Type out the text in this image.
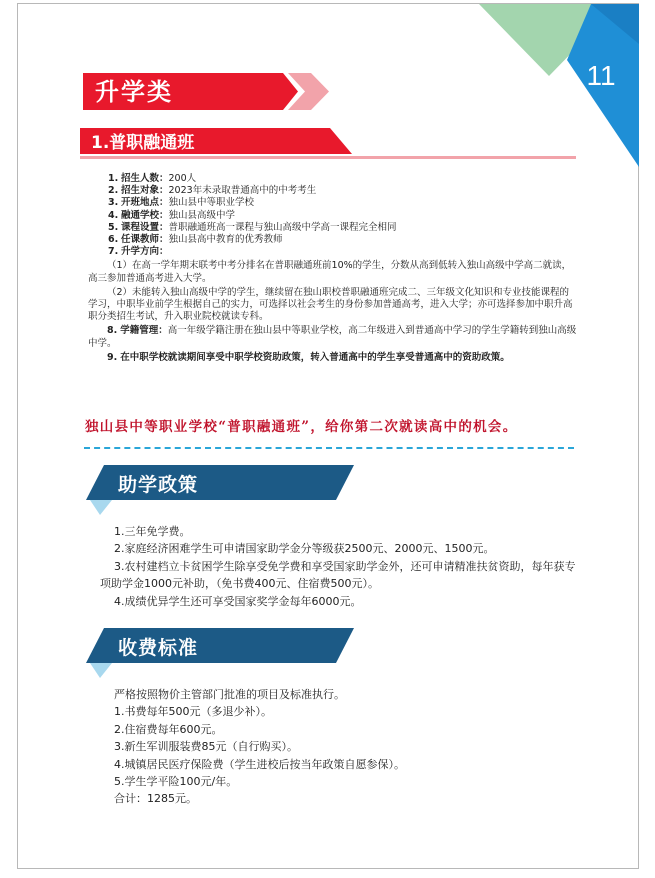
11
升学类
1.普职融通班
1. 招生人数： 200人
2. 招生对象： 2023年未录取普通高中的中考考生
3. 开班地点： 独山县中等职业学校
4. 融通学校： 独山县高级中学
5. 课程设置： 普职融通班高一课程与独山高级中学高一课程完全相同
6. 任课教师： 独山县高中教育的优秀教师
7. 升学方向：
（1）在高一学年期末联考中考分排名在普职融通班前10%的学生，分数从高到低转入独山高级中学高二就读，高三参加普通高考进入大学。
（2）未能转入独山高级中学的学生，继续留在独山职校普职融通班完成二、三年级文化知识和专业技能课程的学习，中职毕业前学生根据自己的实力，可选择以社会考生的身份参加普通高考，进入大学；亦可选择参加中职升高职分类招生考试，升入职业院校就读专科。
8. 学籍管理：高一年级学籍注册在独山县中等职业学校，高二年级进入到普通高中学习的学生学籍转到独山高级中学。
9. 在中职学校就读期间享受中职学校资助政策，转入普通高中的学生享受普通高中的资助政策。
独山县中等职业学校“普职融通班”，给你第二次就读高中的机会。
助学政策

1.三年免学费。

2.家庭经济困难学生可申请国家助学金分等级获2500元、2000元、1500元。

3.农村建档立卡贫困学生除享受免学费和享受国家助学金外，还可申请精准扶贫资助，每年获专项助学金1000元补助，（免书费400元、住宿费500元）。

4.成绩优异学生还可享受国家奖学金每年6000元。

收费标准

严格按照物价主管部门批准的项目及标准执行。

1.书费每年500元（多退少补）。

2.住宿费每年600元。

3.新生军训服装费85元（自行购买）。

4.城镇居民医疗保险费（学生进校后按当年政策自愿参保）。

5.学生学平险100元/年。

合计：1285元。
